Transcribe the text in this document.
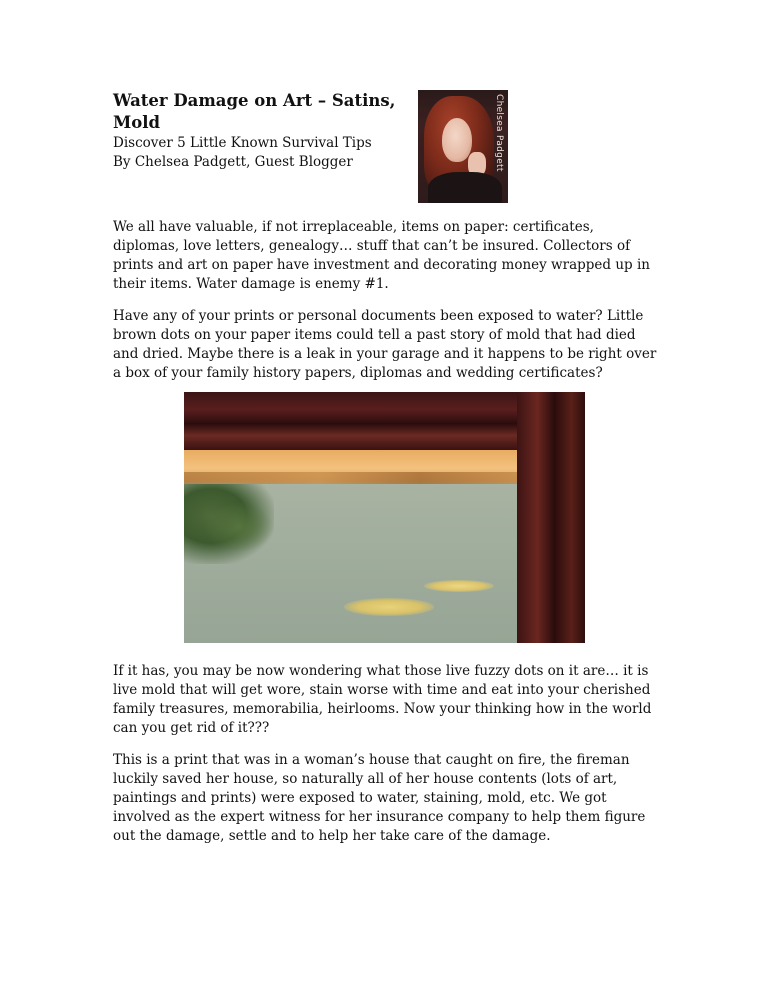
Water Damage on Art – Satins, Mold

Discover 5 Little Known Survival Tips

By Chelsea Padgett, Guest Blogger	Chelsea Padgett

We all have valuable, if not irreplaceable, items on paper: certificates, diplomas, love letters, genealogy… stuff that can’t be insured. Collectors of prints and art on paper have investment and decorating money wrapped up in their items. Water damage is enemy #1.

Have any of your prints or personal documents been exposed to water? Little brown dots on your paper items could tell a past story of mold that had died and dried. Maybe there is a leak in your garage and it happens to be right over a box of your family history papers, diplomas and wedding certificates?

If it has, you may be now wondering what those live fuzzy dots on it are… it is live mold that will get wore, stain worse with time and eat into your cherished family treasures, memorabilia, heirlooms. Now your thinking how in the world can you get rid of it???

This is a print that was in a woman’s house that caught on fire, the fireman luckily saved her house, so naturally all of her house contents (lots of art, paintings and prints) were exposed to water, staining, mold, etc. We got involved as the expert witness for her insurance company to help them figure out the damage, settle and to help her take care of the damage.
